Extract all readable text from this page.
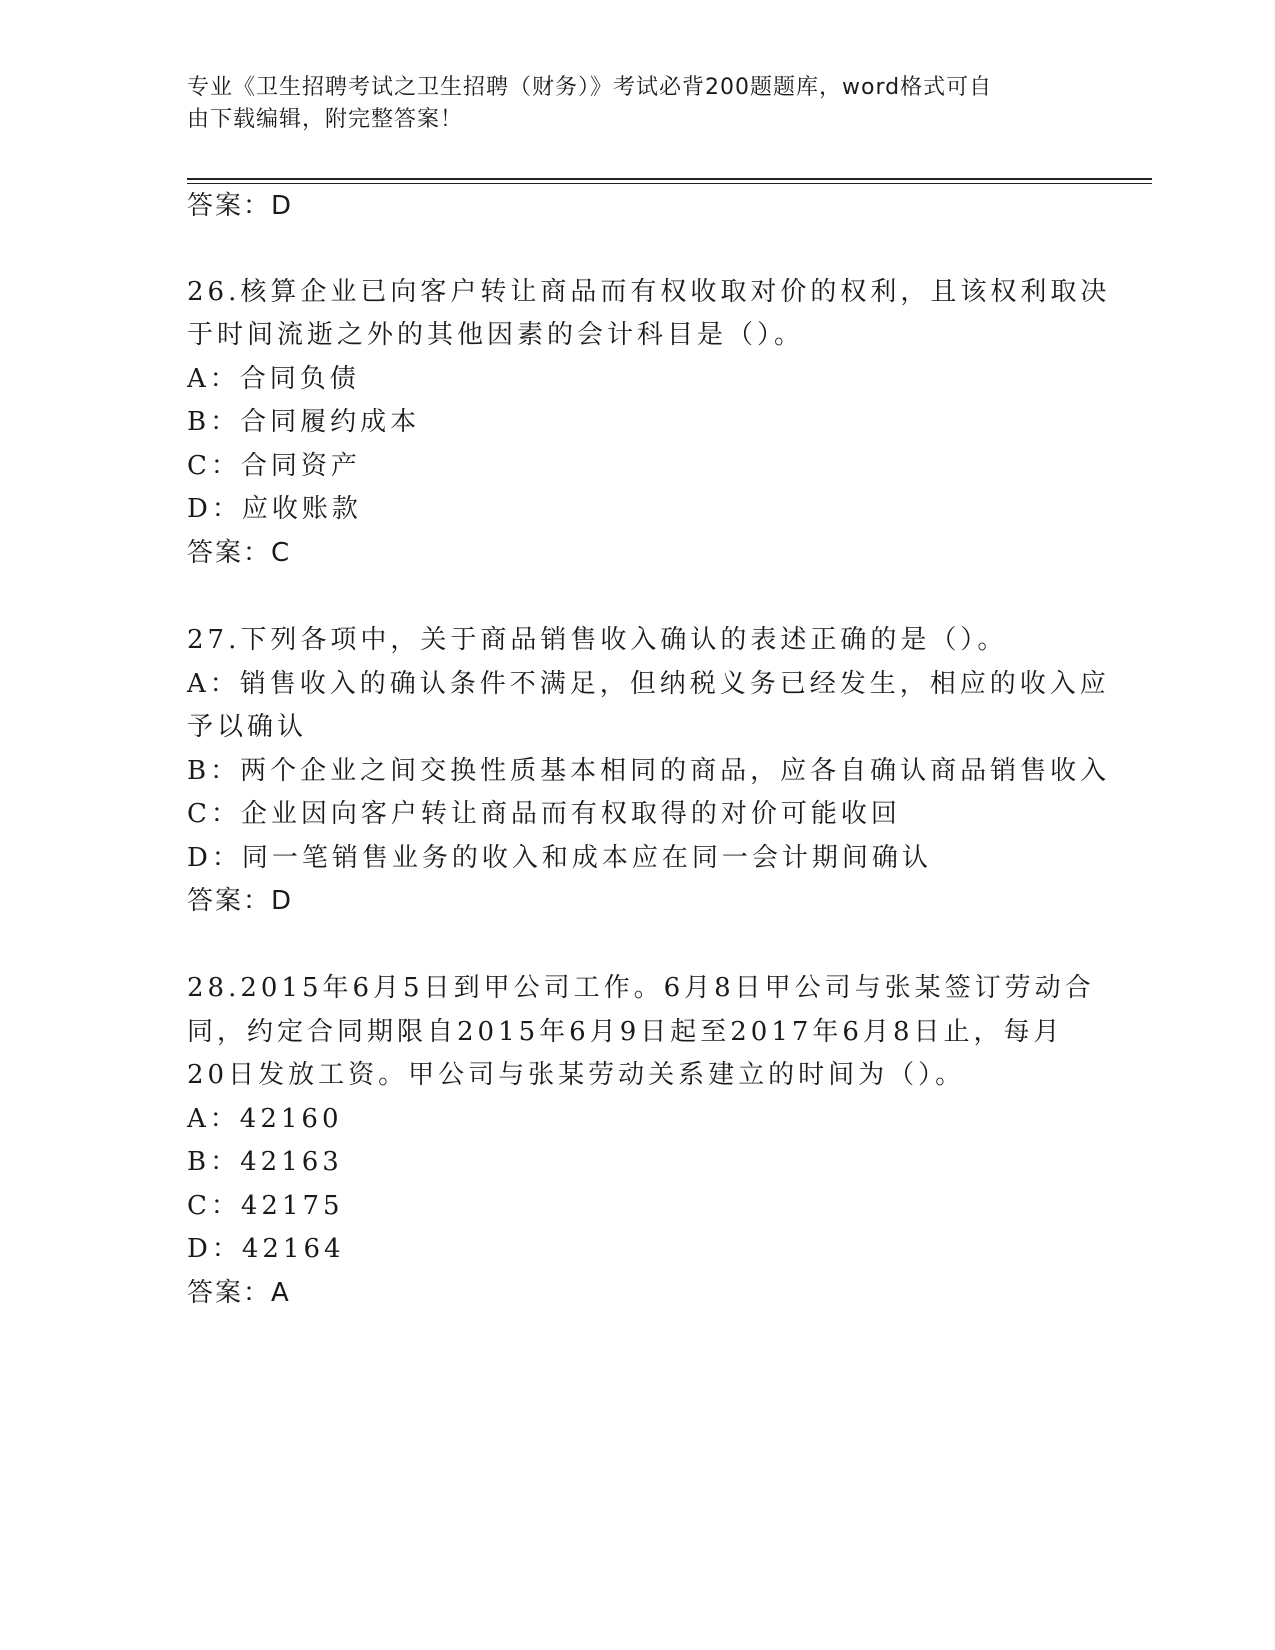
专业《卫生招聘考试之卫生招聘（财务）》考试必背200题题库，word格式可自
由下载编辑，附完整答案！
答案：D
26.核算企业已向客户转让商品而有权收取对价的权利，且该权利取决
于时间流逝之外的其他因素的会计科目是（）。
A：合同负债
B：合同履约成本
C：合同资产
D：应收账款
答案：C
27.下列各项中，关于商品销售收入确认的表述正确的是（）。
A：销售收入的确认条件不满足，但纳税义务已经发生，相应的收入应
予以确认
B：两个企业之间交换性质基本相同的商品，应各自确认商品销售收入
C：企业因向客户转让商品而有权取得的对价可能收回
D：同一笔销售业务的收入和成本应在同一会计期间确认
答案：D
28.2015年6月5日到甲公司工作。6月8日甲公司与张某签订劳动合
同，约定合同期限自2015年6月9日起至2017年6月8日止，每月
20日发放工资。甲公司与张某劳动关系建立的时间为（）。
A：42160
B：42163
C：42175
D：42164
答案：A
